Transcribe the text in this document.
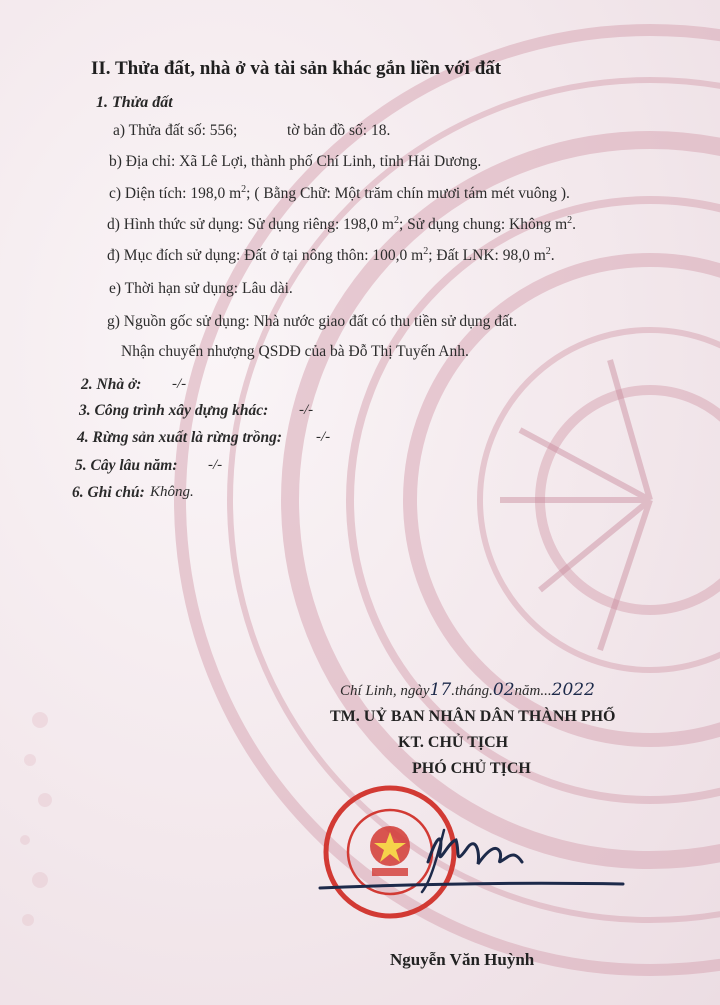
II. Thửa đất, nhà ở và tài sản khác gắn liền với đất
1. Thửa đất
a) Thửa đất số: 556;	tờ bản đồ số: 18.
b) Địa chỉ: Xã Lê Lợi, thành phố Chí Linh, tỉnh Hải Dương.
c) Diện tích: 198,0 $m^2$; ( Bằng Chữ: Một trăm chín mươi tám mét vuông ).
d) Hình thức sử dụng: Sử dụng riêng: 198,0 $m^2$; Sử dụng chung: Không $m^2$.
đ) Mục đích sử dụng: Đất ở tại nông thôn: 100,0 $m^2$; Đất LNK: 98,0 $m^2$.
e) Thời hạn sử dụng: Lâu dài.
g) Nguồn gốc sử dụng: Nhà nước giao đất có thu tiền sử dụng đất.
Nhận chuyển nhượng QSDĐ của bà Đỗ Thị Tuyến Anh.
2. Nhà ở: -/-
3. Công trình xây dựng khác: -/-
4. Rừng sản xuất là rừng trồng: -/-
5. Cây lâu năm: -/-
6. Ghi chú: Không.
Chí Linh, ngày17.tháng.02năm...2022
TM. UỶ BAN NHÂN DÂN THÀNH PHỐ
KT. CHỦ TỊCH
PHÓ CHỦ TỊCH
Nguyễn Văn Huỳnh
